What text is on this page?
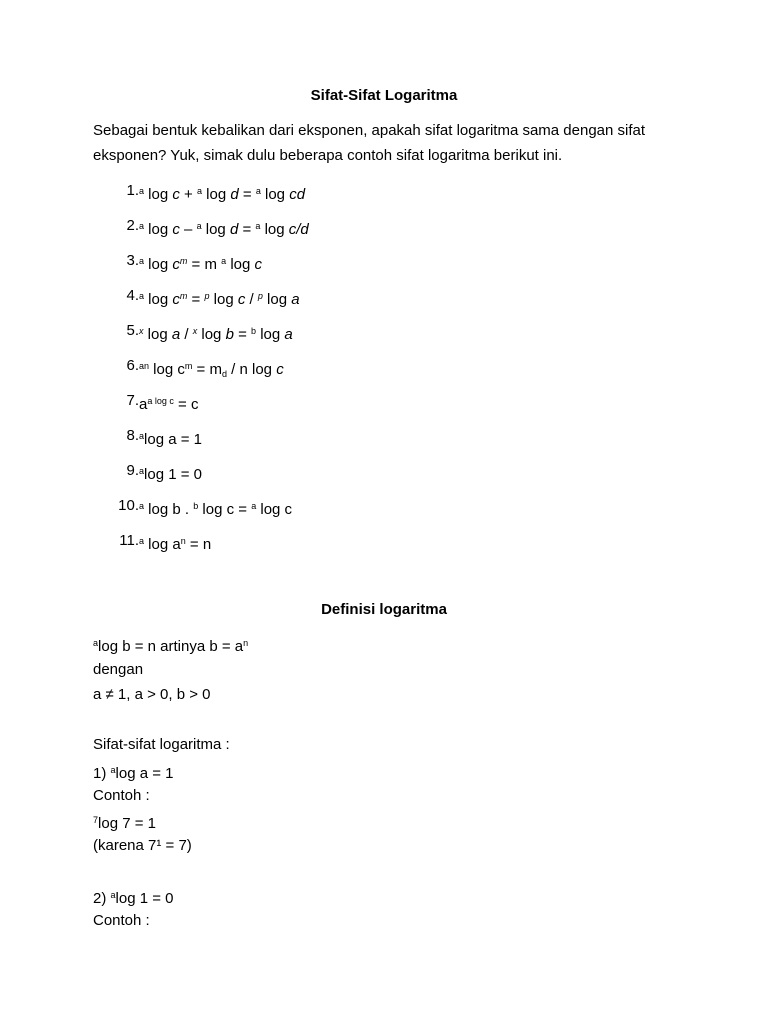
Sifat-Sifat Logaritma
Sebagai bentuk kebalikan dari eksponen, apakah sifat logaritma sama dengan sifat eksponen? Yuk, simak dulu beberapa contoh sifat logaritma berikut ini.
1. $^a$ log c + $^a$ log d = $^a$ log cd
2. $^a$ log c – $^a$ log d = $^a$ log c/d
3. $^a$ $\log c^m = m$ $^a$ log c
4. $^a$ $\log c^m = ^p$ log c / $^p$ log a
5. $^x$ log a / $^x$ log b = $^b$ log a
6. $^{an}$ $\log c^m = m_d / n$ log c
7. $a^{a log c} = c$
8. $^a$log a = 1
9. $^a$log 1 = 0
10. $^a$ log b . $^b$ log c = $^a$ log c
11. $^a$ $\log a^n = n$
Definisi logaritma
$^a$log b = n artinya $b = a^n$
dengan
a ≠ 1, a > 0, b > 0
Sifat-sifat logaritma :
1) $^a$log a = 1
Contoh :
$^7$log 7 = 1
(karena 7¹ = 7)
2) $^a$log 1 = 0
Contoh :
